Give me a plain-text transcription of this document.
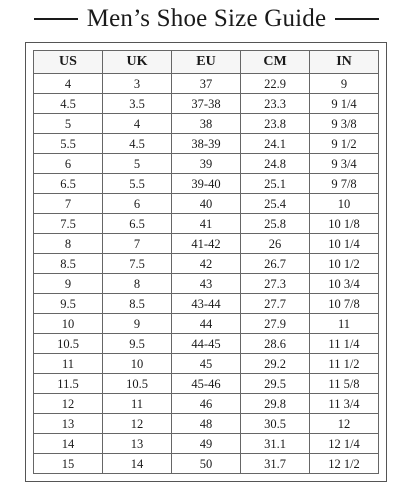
Men’s Shoe Size Guide
US	UK	EU	CM	IN
4	3	37	22.9	9
4.5	3.5	37-38	23.3	9 1/4
5	4	38	23.8	9 3/8
5.5	4.5	38-39	24.1	9 1/2
6	5	39	24.8	9 3/4
6.5	5.5	39-40	25.1	9 7/8
7	6	40	25.4	10
7.5	6.5	41	25.8	10 1/8
8	7	41-42	26	10 1/4
8.5	7.5	42	26.7	10 1/2
9	8	43	27.3	10 3/4
9.5	8.5	43-44	27.7	10 7/8
10	9	44	27.9	11
10.5	9.5	44-45	28.6	11 1/4
11	10	45	29.2	11 1/2
11.5	10.5	45-46	29.5	11 5/8
12	11	46	29.8	11 3/4
13	12	48	30.5	12
14	13	49	31.1	12 1/4
15	14	50	31.7	12 1/2
